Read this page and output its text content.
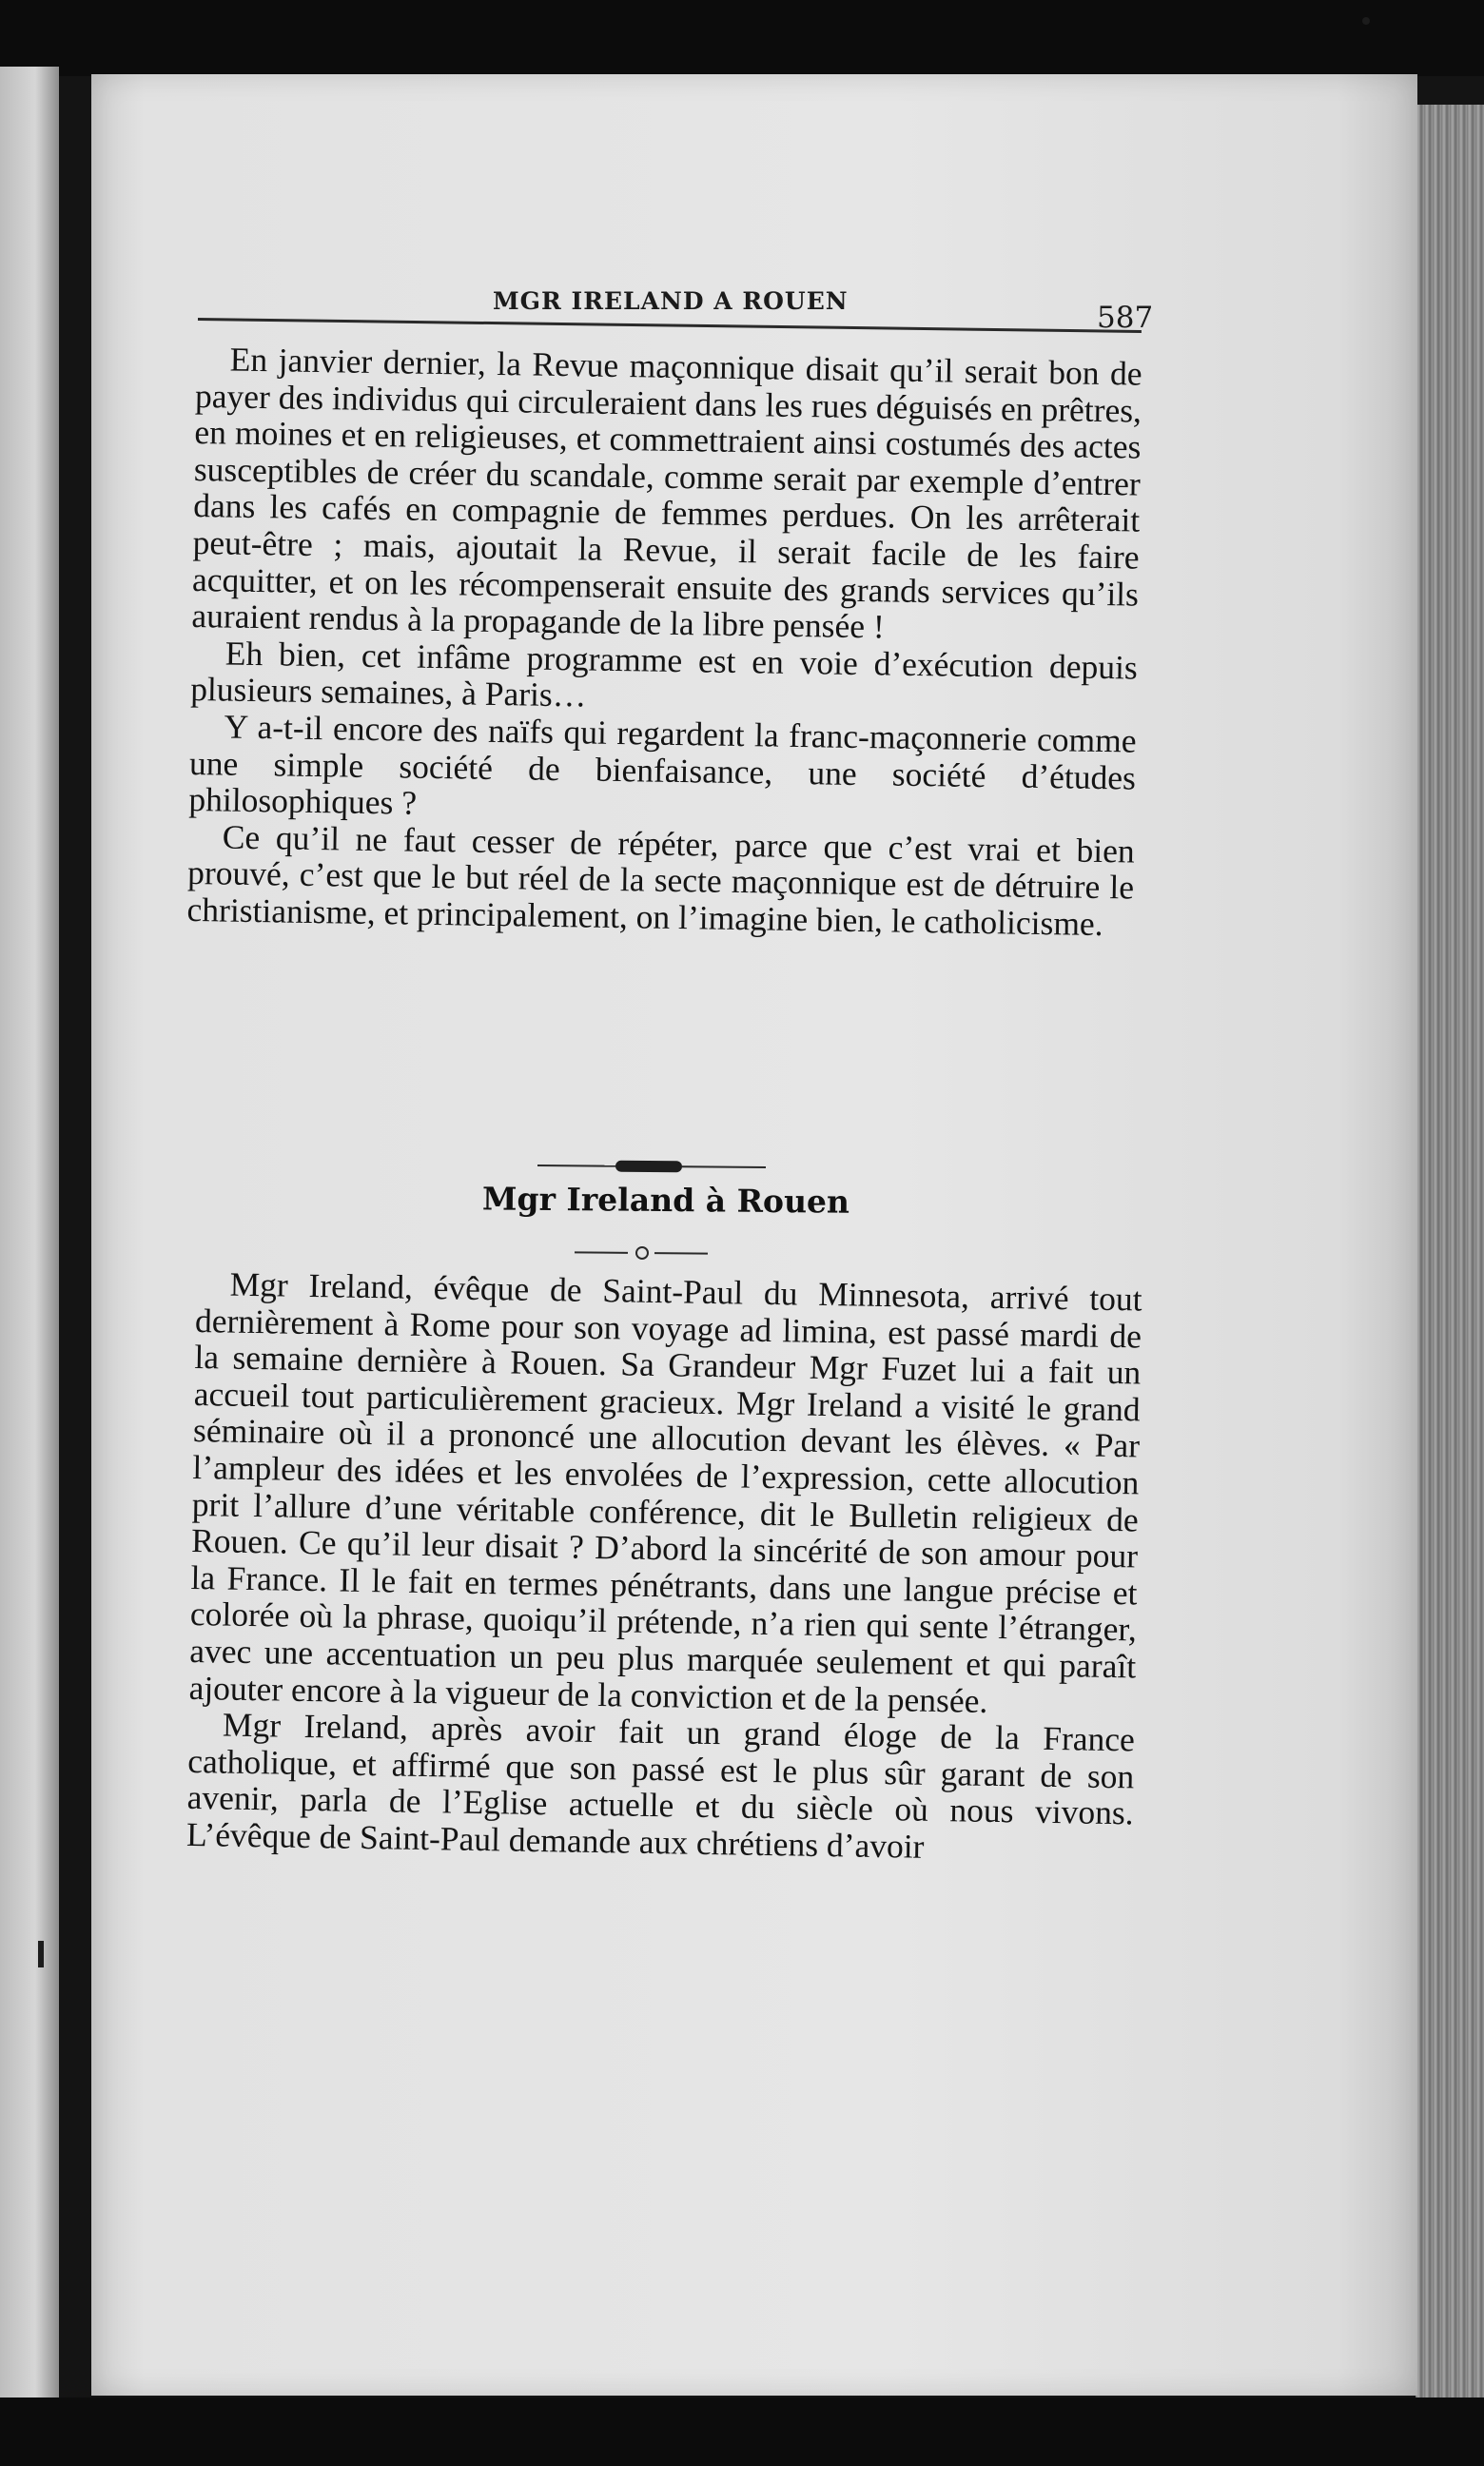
MGR IRELAND A ROUEN	587

En janvier dernier, la Revue maçonnique disait qu’il serait bon de payer des individus qui circuleraient dans les rues déguisés en prêtres, en moines et en religieuses, et commettraient ainsi costumés des actes susceptibles de créer du scandale, comme serait par exemple d’entrer dans les cafés en compagnie de femmes perdues. On les arrêterait peut-être ; mais, ajoutait la Revue, il serait facile de les faire acquitter, et on les récompenserait ensuite des grands services qu’ils auraient rendus à la propagande de la libre pensée !

Eh bien, cet infâme programme est en voie d’exécution depuis plusieurs semaines, à Paris…

Y a-t-il encore des naïfs qui regardent la franc-maçonnerie comme une simple société de bienfaisance, une société d’études philosophiques ?

Ce qu’il ne faut cesser de répéter, parce que c’est vrai et bien prouvé, c’est que le but réel de la secte maçonnique est de détruire le christianisme, et principalement, on l’imagine bien, le catholicisme.

Mgr Ireland à Rouen

Mgr Ireland, évêque de Saint-Paul du Minnesota, arrivé tout dernièrement à Rome pour son voyage ad limina, est passé mardi de la semaine dernière à Rouen. Sa Grandeur Mgr Fuzet lui a fait un accueil tout particulièrement gracieux. Mgr Ireland a visité le grand séminaire où il a prononcé une allocution devant les élèves. « Par l’ampleur des idées et les envolées de l’expression, cette allocution prit l’allure d’une véritable conférence, dit le Bulletin religieux de Rouen. Ce qu’il leur disait ? D’abord la sincérité de son amour pour la France. Il le fait en termes pénétrants, dans une langue précise et colorée où la phrase, quoiqu’il prétende, n’a rien qui sente l’étranger, avec une accentuation un peu plus marquée seulement et qui paraît ajouter encore à la vigueur de la conviction et de la pensée.

Mgr Ireland, après avoir fait un grand éloge de la France catholique, et affirmé que son passé est le plus sûr garant de son avenir, parla de l’Eglise actuelle et du siècle où nous vivons. L’évêque de Saint-Paul demande aux chrétiens d’avoir
